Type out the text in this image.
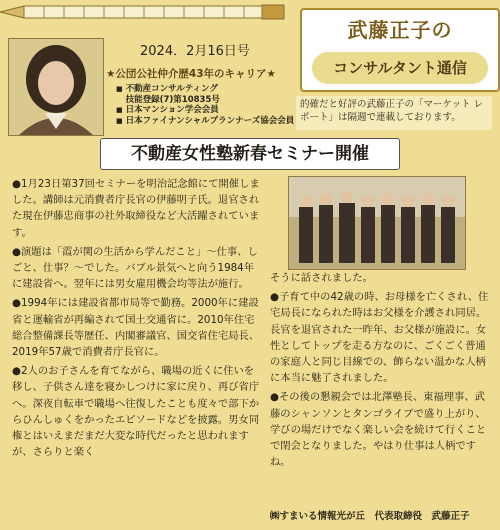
武藤正子の
コンサルタント通信
2024．2月16日号
★公団公社仲介歴43年のキャリア★
■ 不動産コンサルティング
技能登録(7)第10835号
■ 日本マンション学会会員
■ 日本ファイナンシャルプランナーズ協会会員
的確だと好評の武藤正子の「マーケット レポート」は隔週で連載しております。
不動産女性塾新春セミナー開催

●1月23日第37回セミナーを明治記念館にて開催しました。講師は元消費者庁長官の伊藤明子氏。退官された現在伊藤忠商事の社外取締役など大活躍されています。

●演題は「霞が関の生活から学んだこと」〜仕事、しごと、仕事？〜でした。バブル景気へと向う1984年に建設省へ。翌年には男女雇用機会均等法が施行。

●1994年には建設省都市局等で勤務。2000年に建設省と運輸省が再編されて国土交通省に。2010年住宅総合整備課長等歴任、内閣審議官、国交省住宅局長、2019年57歳で消費者庁長官に。

●2人のお子さんを育てながら、職場の近くに住いを移し、子供さん達を寝かしつけに家に戻り、再び省庁へ。深夜自転車で職場へ往復したことも度々で部下からひんしゅくをかったエピソードなどを披露。男女同権とはいえまだまだ大変な時代だったと思われますが、さらりと楽く

そうに話されました。

●子育て中の42歳の時、お母様を亡くされ、住宅局長になられた時はお父様を介護され同居。長官を退官された一昨年、お父様が施設に。女性としてトップを走る方なのに、ごくごく普通の家庭人と同じ目線での、飾らない温かな人柄に本当に魅了されました。

●その後の懇親会では北澤塾長、東福理事、武藤のシャンソンとタンゴライブで盛り上がり、学びの場だけでなく楽しい会を続けて行くことで閉会となりました。やはり仕事は人柄ですね。

㈱すまいる情報光が丘　代表取締役　武藤正子
